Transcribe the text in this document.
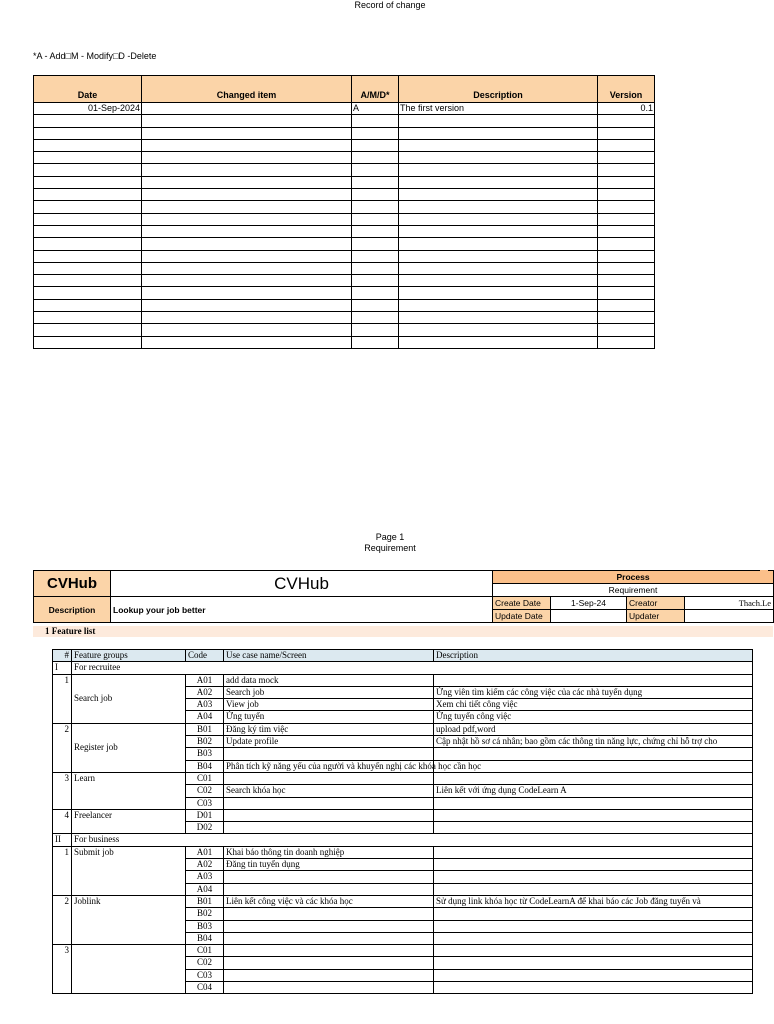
Record of change
*A - Add□M - Modify□D -Delete
Date	Changed item	A/M/D*	Description	Version
01-Sep-2024		A	The first version	0.1

Page 1
Requirement
CVHub	CVHub	Process			
		Requirement			
Description	Lookup your job better	Create Date	1-Sep-24	Creator	Thach.Le
		Update Date		Updater	
1 Feature list
#	Feature groups	Code	Use case name/Screen	Description
I	For recruitee			
1	Search job	A01	add data mock	
		A02	Search job	Ứng viên tìm kiếm các công việc của các nhà tuyển dụng
		A03	View job	Xem chi tiết công việc
		A04	Ứng tuyển	Ứng tuyển công việc
2	Register job	B01	Đăng ký tìm việc	upload pdf,word
		B02	Update profile	Cập nhật hồ sơ cá nhân; bao gồm các thông tin năng lực, chứng chỉ hỗ trợ cho
		B03		
		B04	Phân tích kỹ năng yếu của người và khuyến nghị các khóa học cần học	
3	Learn	C01		
		C02	Search khóa học	Liên kết với ứng dụng CodeLearn A
		C03		
4	Freelancer	D01		
		D02		
II	For business			
1	Submit job	A01	Khai báo thông tin doanh nghiệp	
		A02	Đăng tin tuyển dụng	
		A03		
		A04		
2	Joblink	B01	Liên kết công việc và các khóa học	Sử dụng link khóa học từ CodeLearnA để khai báo các Job đăng tuyển và
		B02		
		B03		
		B04		
3		C01		
		C02		
		C03		
		C04		
